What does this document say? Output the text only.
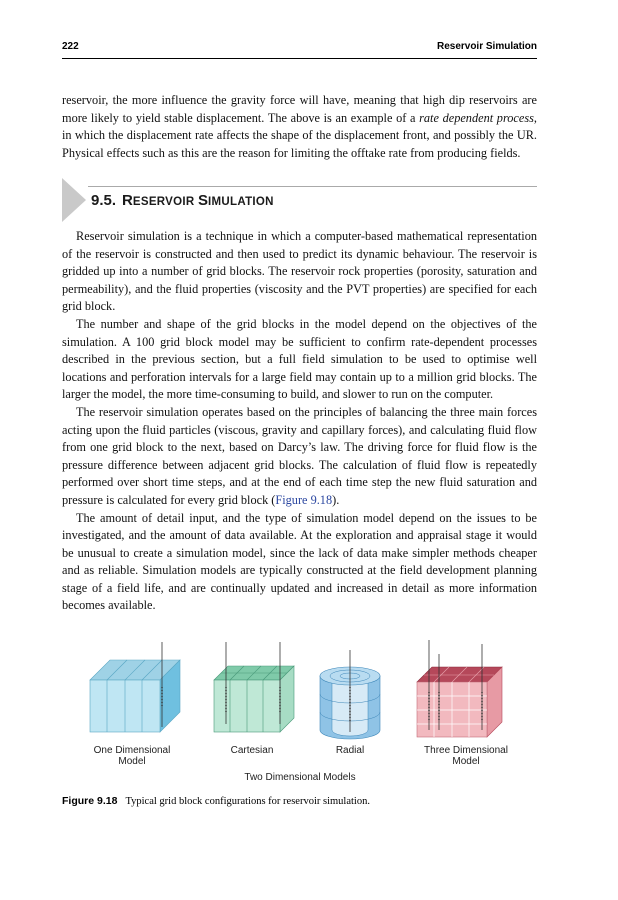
222	Reservoir Simulation

reservoir, the more influence the gravity force will have, meaning that high dip reservoirs are more likely to yield stable displacement. The above is an example of a rate dependent process, in which the displacement rate affects the shape of the displacement front, and possibly the UR. Physical effects such as this are the reason for limiting the offtake rate from producing fields.

9.5. RESERVOIR SIMULATION

Reservoir simulation is a technique in which a computer-based mathematical representation of the reservoir is constructed and then used to predict its dynamic behaviour. The reservoir is gridded up into a number of grid blocks. The reservoir rock properties (porosity, saturation and permeability), and the fluid properties (viscosity and the PVT properties) are specified for each grid block.

The number and shape of the grid blocks in the model depend on the objectives of the simulation. A 100 grid block model may be sufficient to confirm rate-dependent processes described in the previous section, but a full field simulation to be used to optimise well locations and perforation intervals for a large field may contain up to a million grid blocks. The larger the model, the more time-consuming to build, and slower to run on the computer.

The reservoir simulation operates based on the principles of balancing the three main forces acting upon the fluid particles (viscous, gravity and capillary forces), and calculating fluid flow from one grid block to the next, based on Darcy’s law. The driving force for fluid flow is the pressure difference between adjacent grid blocks. The calculation of fluid flow is repeatedly performed over short time steps, and at the end of each time step the new fluid saturation and pressure is calculated for every grid block (Figure 9.18).

The amount of detail input, and the type of simulation model depend on the issues to be investigated, and the amount of data available. At the exploration and appraisal stage it would be unusual to create a simulation model, since the lack of data make simpler methods cheaper and as reliable. Simulation models are typically constructed at the field development planning stage of a field life, and are continually updated and increased in detail as more information becomes available.

One Dimensional
Model
Cartesian	Radial	Three Dimensional
Model
Two Dimensional Models
Figure 9.18 Typical grid block configurations for reservoir simulation.
